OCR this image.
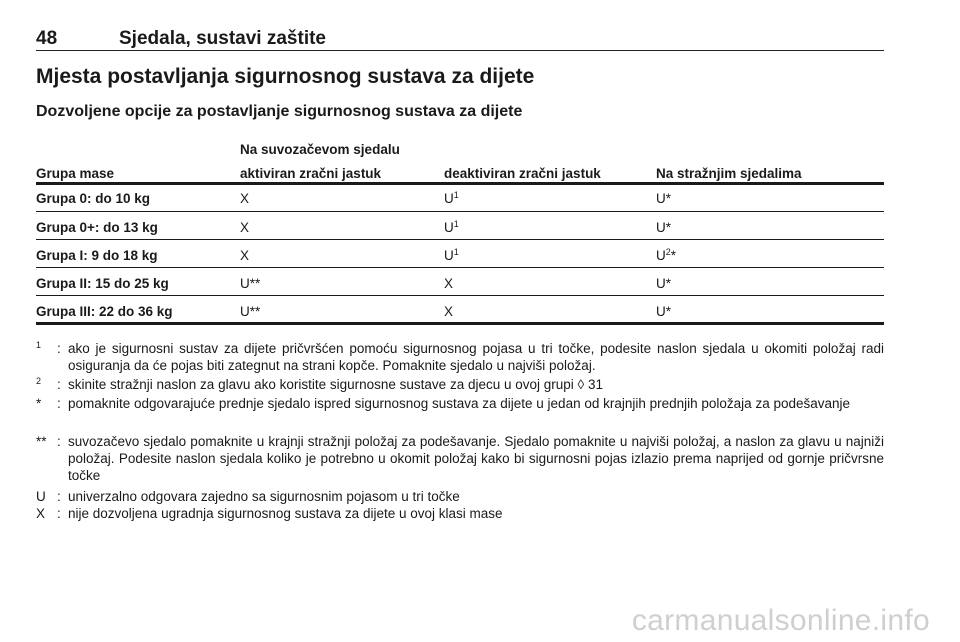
48	Sjedala, sustavi zaštite
Mjesta postavljanja sigurnosnog sustava za dijete
Dozvoljene opcije za postavljanje sigurnosnog sustava za dijete
Na suvozačevom sjedalu
Grupa mase	aktiviran zračni jastuk	deaktiviran zračni jastuk	Na stražnjim sjedalima
Grupa 0: do 10 kg	X	$U^1$	U*
Grupa 0+: do 13 kg	X	$U^1$	U*
Grupa I: 9 do 18 kg	X	$U^1$	$U^2*$
Grupa II: 15 do 25 kg	U**	X	U*
Grupa III: 22 do 36 kg	U**	X	U*
$^1$ : ako je sigurnosni sustav za dijete pričvršćen pomoću sigurnosnog pojasa u tri točke, podesite naslon sjedala u okomiti položaj radi osiguranja da će pojas biti zategnut na strani kopče. Pomaknite sjedalo u najviši položaj.
$^2$ : skinite stražnji naslon za glavu ako koristite sigurnosne sustave za djecu u ovoj grupi ◊ 31
* : pomaknite odgovarajuće prednje sjedalo ispred sigurnosnog sustava za dijete u jedan od krajnjih prednjih položaja za podešavanje
** : suvozačevo sjedalo pomaknite u krajnji stražnji položaj za podešavanje. Sjedalo pomaknite u najviši položaj, a naslon za glavu u najniži položaj. Podesite naslon sjedala koliko je potrebno u okomit položaj kako bi sigurnosni pojas izlazio prema naprijed od gornje pričvrsne točke
U : univerzalno odgovara zajedno sa sigurnosnim pojasom u tri točke
X : nije dozvoljena ugradnja sigurnosnog sustava za dijete u ovoj klasi mase
carmanualsonline.info
